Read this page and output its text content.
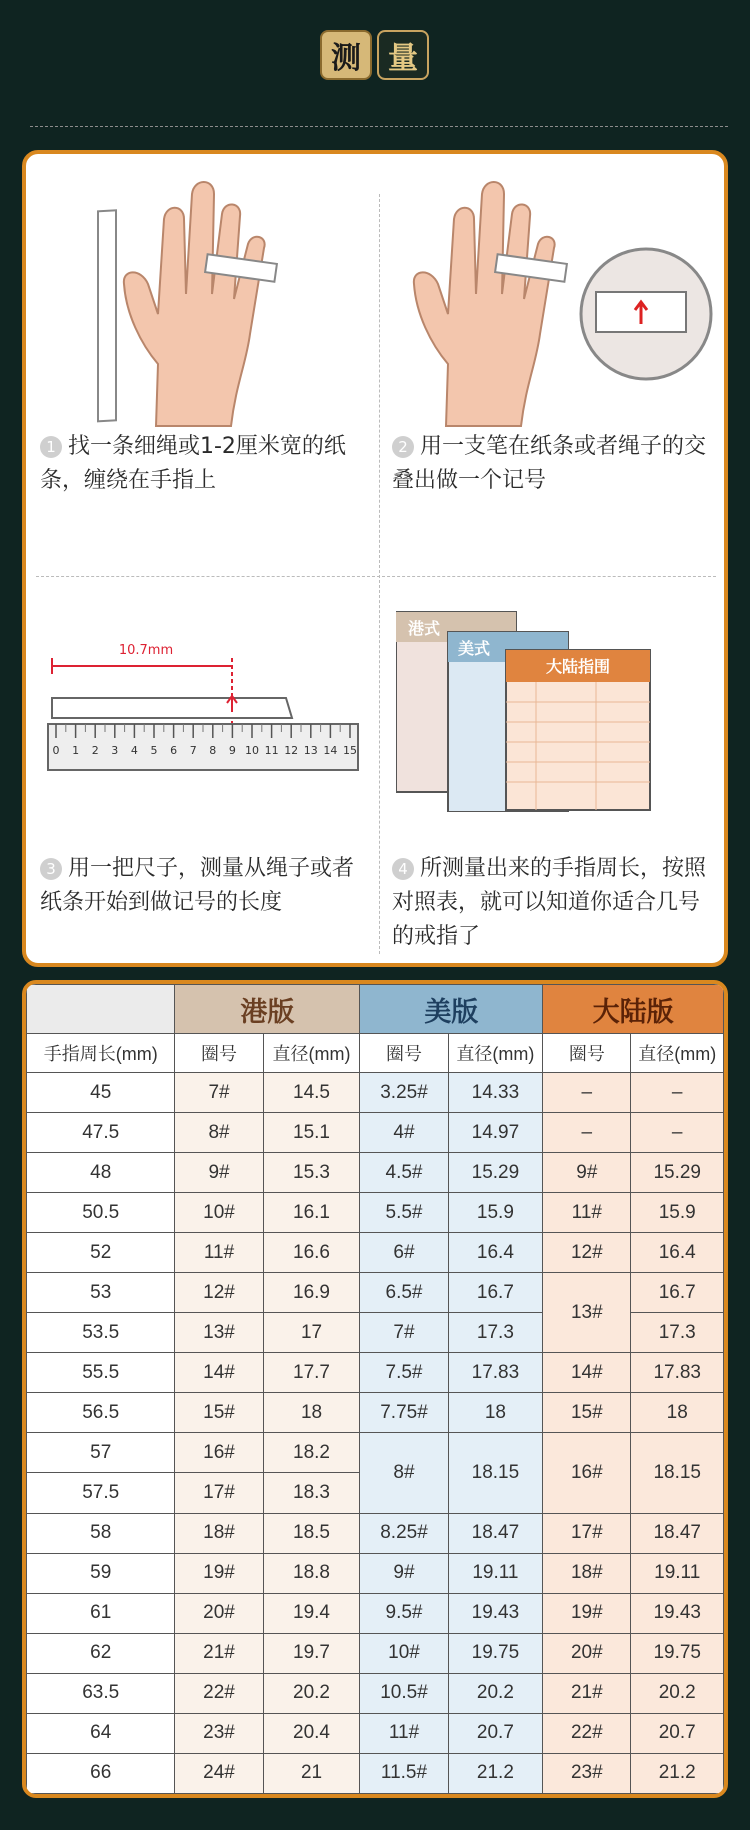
测 量
1 找一条细绳或1-2厘米宽的纸条，缠绕在手指上
2 用一支笔在纸条或者绳子的交叠出做一个记号
10.7mm
0 1 2 3 4 5 6 7 8 9 10 11 12 13 14 15
港式
美式
大陆指围
3 用一把尺子，测量从绳子或者纸条开始到做记号的长度
4 所测量出来的手指周长，按照对照表，就可以知道你适合几号的戒指了
	港版		美版		大陆版	
手指周长(mm)	圈号	直径(mm)	圈号	直径(mm)	圈号	直径(mm)
45	7#	14.5	3.25#	14.33	–	–
47.5	8#	15.1	4#	14.97	–	–
48	9#	15.3	4.5#	15.29	9#	15.29
50.5	10#	16.1	5.5#	15.9	11#	15.9
52	11#	16.6	6#	16.4	12#	16.4
53	12#	16.9	6.5#	16.7	13#	16.7
53.5	13#	17	7#	17.3		17.3
55.5	14#	17.7	7.5#	17.83	14#	17.83
56.5	15#	18	7.75#	18	15#	18
57	16#	18.2	8#	18.15	16#	18.15
57.5	17#	18.3				
58	18#	18.5	8.25#	18.47	17#	18.47
59	19#	18.8	9#	19.11	18#	19.11
61	20#	19.4	9.5#	19.43	19#	19.43
62	21#	19.7	10#	19.75	20#	19.75
63.5	22#	20.2	10.5#	20.2	21#	20.2
64	23#	20.4	11#	20.7	22#	20.7
66	24#	21	11.5#	21.2	23#	21.2
